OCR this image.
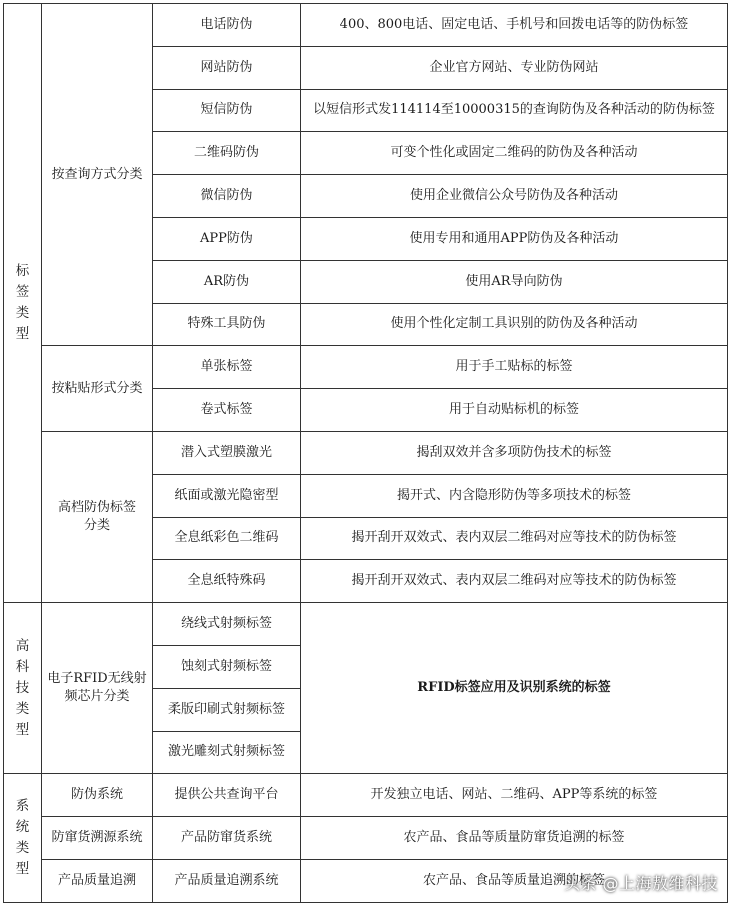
标
签
类
型	按查询方式分类	电话防伪	400、800电话、固定电话、手机号和回拨电话等的防伪标签
		网站防伪	企业官方网站、专业防伪网站
		短信防伪	以短信形式发114114至10000315的查询防伪及各种活动的防伪标签
		二维码防伪	可变个性化或固定二维码的防伪及各种活动
		微信防伪	使用企业微信公众号防伪及各种活动
		APP防伪	使用专用和通用APP防伪及各种活动
		AR防伪	使用AR导向防伪
		特殊工具防伪	使用个性化定制工具识别的防伪及各种活动
	按粘贴形式分类	单张标签	用于手工贴标的标签
		卷式标签	用于自动贴标机的标签
	高档防伪标签
分类	潜入式塑膜激光	揭刮双效并含多项防伪技术的标签
		纸面或激光隐密型	揭开式、内含隐形防伪等多项技术的标签
		全息纸彩色二维码	揭开刮开双效式、表内双层二维码对应等技术的防伪标签
		全息纸特殊码	揭开刮开双效式、表内双层二维码对应等技术的防伪标签
高
科
技
类
型	电子RFID无线射
频芯片分类	绕线式射频标签	RFID标签应用及识别系统的标签
		蚀刻式射频标签	
		柔版印刷式射频标签	
		激光雕刻式射频标签	
系
统
类
型	防伪系统	提供公共查询平台	开发独立电话、网站、二维码、APP等系统的标签
	防窜货溯源系统	产品防窜货系统	农产品、食品等质量防窜货追溯的标签
	产品质量追溯	产品质量追溯系统	农产品、食品等质量追溯的标签
头条 @上海敖维科技
